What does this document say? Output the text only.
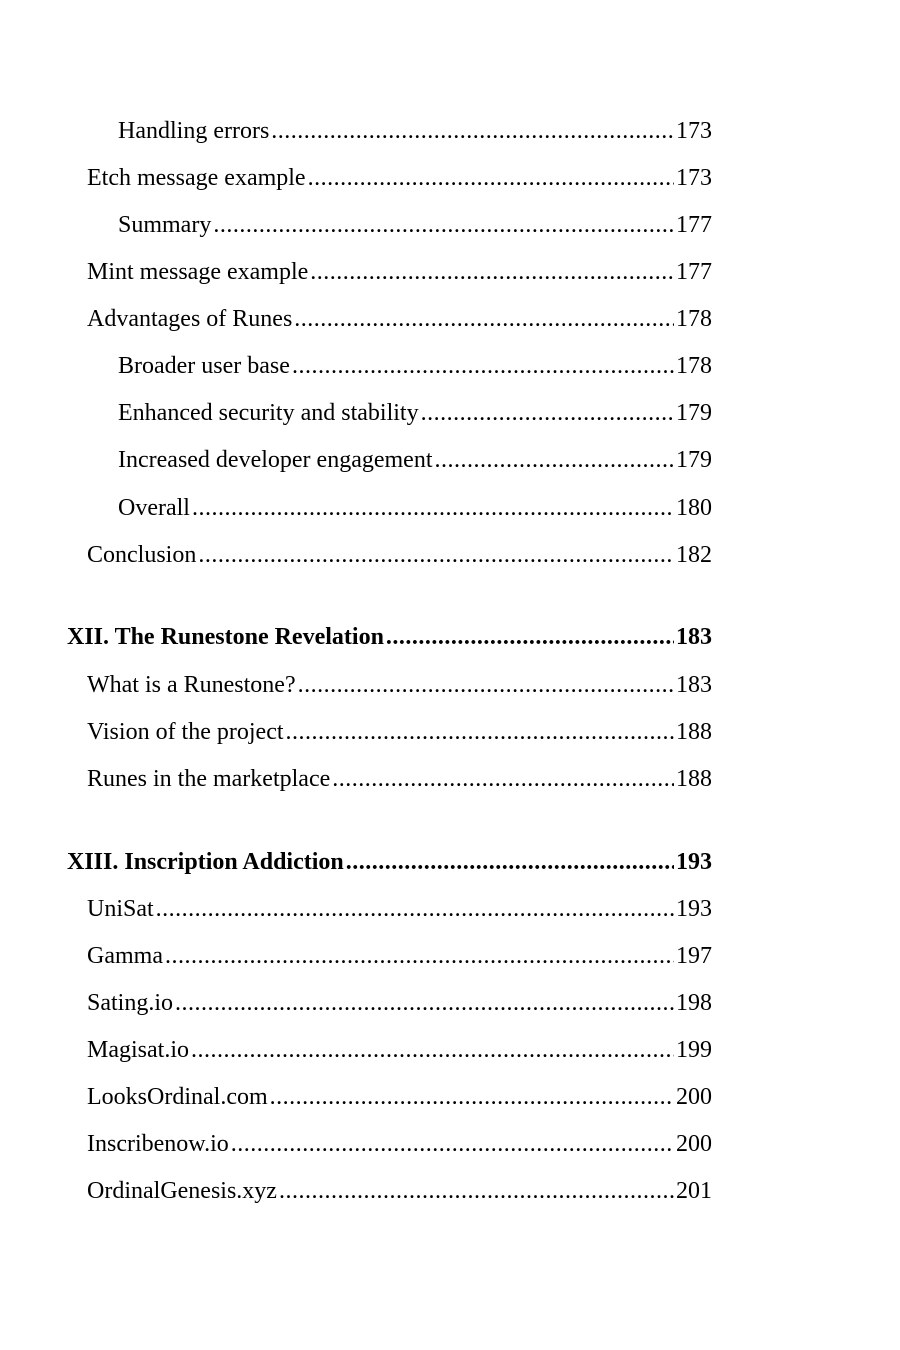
Handling errors .....	173
Etch message example .....	173
Summary .....	177
Mint message example .....	177
Advantages of Runes .....	178
Broader user base .....	178
Enhanced security and stability .....	179
Increased developer engagement .....	179
Overall .....	180
Conclusion .....	182
XII. The Runestone Revelation .....	183
What is a Runestone? .....	183
Vision of the project .....	188
Runes in the marketplace .....	188
XIII. Inscription Addiction .....	193
UniSat .....	193
Gamma .....	197
Sating.io .....	198
Magisat.io .....	199
LooksOrdinal.com .....	200
Inscribenow.io .....	200
OrdinalGenesis.xyz .....	201
